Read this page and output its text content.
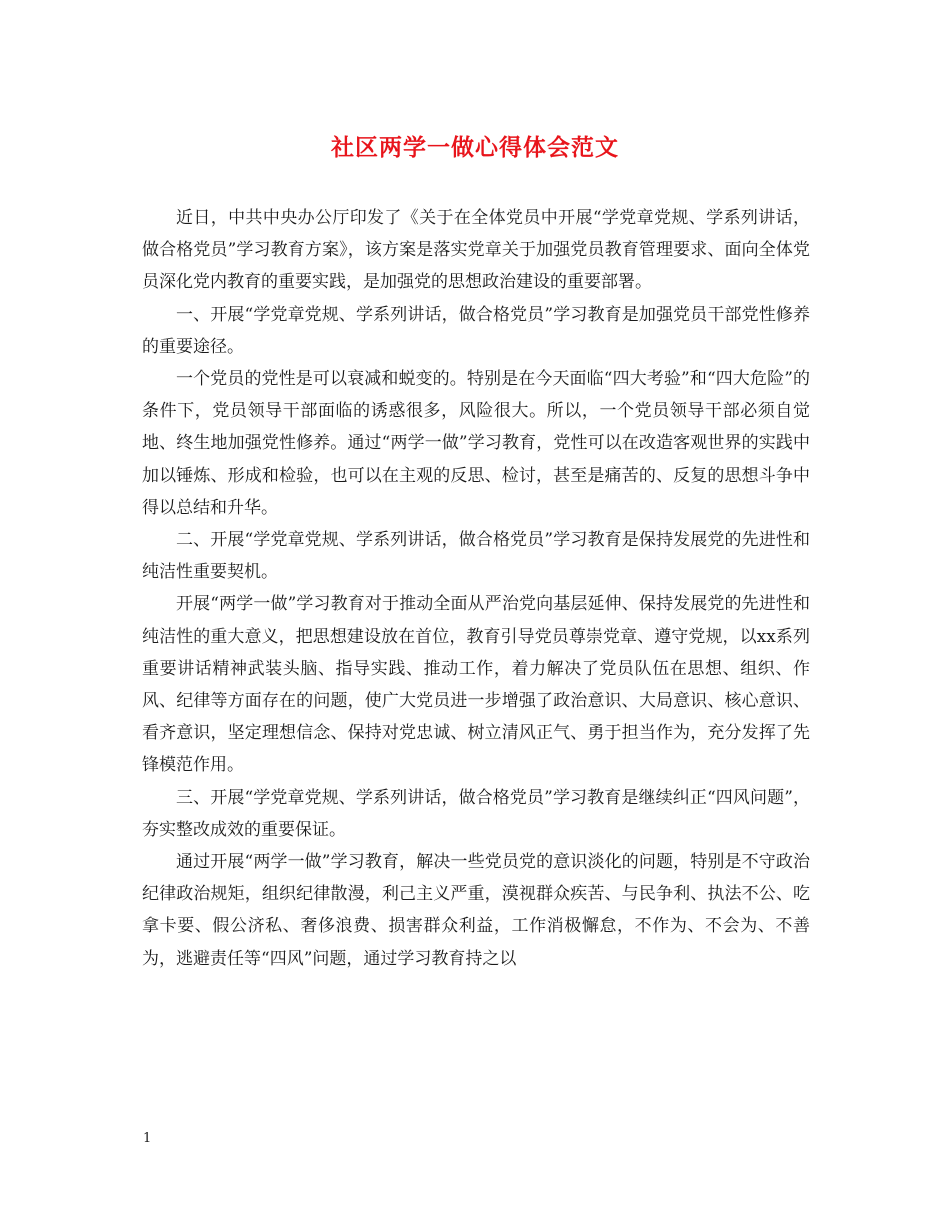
社区两学一做心得体会范文

近日，中共中央办公厅印发了《关于在全体党员中开展“学党章党规、学系列讲话，做合格党员”学习教育方案》，该方案是落实党章关于加强党员教育管理要求、面向全体党员深化党内教育的重要实践，是加强党的思想政治建设的重要部署。

一、开展“学党章党规、学系列讲话，做合格党员”学习教育是加强党员干部党性修养的重要途径。

一个党员的党性是可以衰减和蜕变的。特别是在今天面临“四大考验”和“四大危险”的条件下，党员领导干部面临的诱惑很多，风险很大。所以，一个党员领导干部必须自觉地、终生地加强党性修养。通过“两学一做”学习教育，党性可以在改造客观世界的实践中加以锤炼、形成和检验，也可以在主观的反思、检讨，甚至是痛苦的、反复的思想斗争中得以总结和升华。

二、开展“学党章党规、学系列讲话，做合格党员”学习教育是保持发展党的先进性和纯洁性重要契机。

开展“两学一做”学习教育对于推动全面从严治党向基层延伸、保持发展党的先进性和纯洁性的重大意义，把思想建设放在首位，教育引导党员尊崇党章、遵守党规，以xx系列重要讲话精神武装头脑、指导实践、推动工作，着力解决了党员队伍在思想、组织、作风、纪律等方面存在的问题，使广大党员进一步增强了政治意识、大局意识、核心意识、看齐意识，坚定理想信念、保持对党忠诚、树立清风正气、勇于担当作为，充分发挥了先锋模范作用。

三、开展“学党章党规、学系列讲话，做合格党员”学习教育是继续纠正“四风问题”，夯实整改成效的重要保证。

通过开展“两学一做”学习教育，解决一些党员党的意识淡化的问题，特别是不守政治纪律政治规矩，组织纪律散漫，利己主义严重，漠视群众疾苦、与民争利、执法不公、吃拿卡要、假公济私、奢侈浪费、损害群众利益，工作消极懈怠，不作为、不会为、不善为，逃避责任等“四风”问题，通过学习教育持之以

1
